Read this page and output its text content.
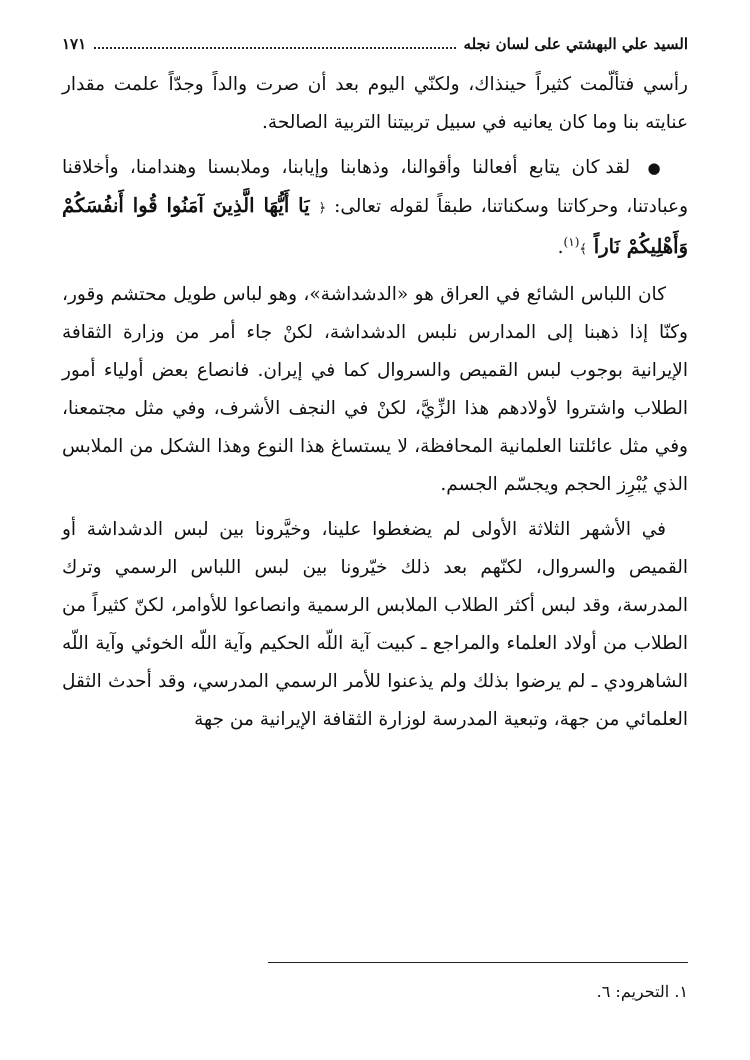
السيد علي البهشتي على لسان نجله
١٧١

رأسي فتألّمت كثيراً حينذاك، ولكنّي اليوم بعد أن صرت والداً وجدّاً علمت مقدار عنايته بنا وما كان يعانيه في سبيل تربيتنا التربية الصالحة.

● لقد كان يتابع أفعالنا وأقوالنا، وذهابنا وإيابنا، وملابسنا وهندامنا، وأخلاقنا وعبادتنا، وحركاتنا وسكناتنا، طبقاً لقوله تعالى: ﴿ يَا أَيُّهَا الَّذِينَ آمَنُوا قُوا أَنفُسَكُمْ وَأَهْلِيكُمْ نَاراً ﴾$^{(١)}$.

كان اللباس الشائع في العراق هو «الدشداشة»، وهو لباس طويل محتشم وقور، وكنّا إذا ذهبنا إلى المدارس نلبس الدشداشة، لكنْ جاء أمر من وزارة الثقافة الإيرانية بوجوب لبس القميص والسروال كما في إيران. فانصاع بعض أولياء أمور الطلاب واشتروا لأولادهم هذا الزِّيَّ، لكنْ في النجف الأشرف، وفي مثل مجتمعنا، وفي مثل عائلتنا العلمانية المحافظة، لا يستساغ هذا النوع وهذا الشكل من الملابس الذي يُبْرِز الحجم ويجسّم الجسم.

في الأشهر الثلاثة الأولى لم يضغطوا علينا، وخيَّرونا بين لبس الدشداشة أو القميص والسروال، لكنّهم بعد ذلك خيّرونا بين لبس اللباس الرسمي وترك المدرسة، وقد لبس أكثر الطلاب الملابس الرسمية وانصاعوا للأوامر، لكنّ كثيراً من الطلاب من أولاد العلماء والمراجع ـ كبيت آية اللّه الحكيم وآية اللّه الخوئي وآية اللّه الشاهرودي ـ لم يرضوا بذلك ولم يذعنوا للأمر الرسمي المدرسي، وقد أحدث الثقل العلمائي من جهة، وتبعية المدرسة لوزارة الثقافة الإيرانية من جهة

١. التحريم: ٦.
